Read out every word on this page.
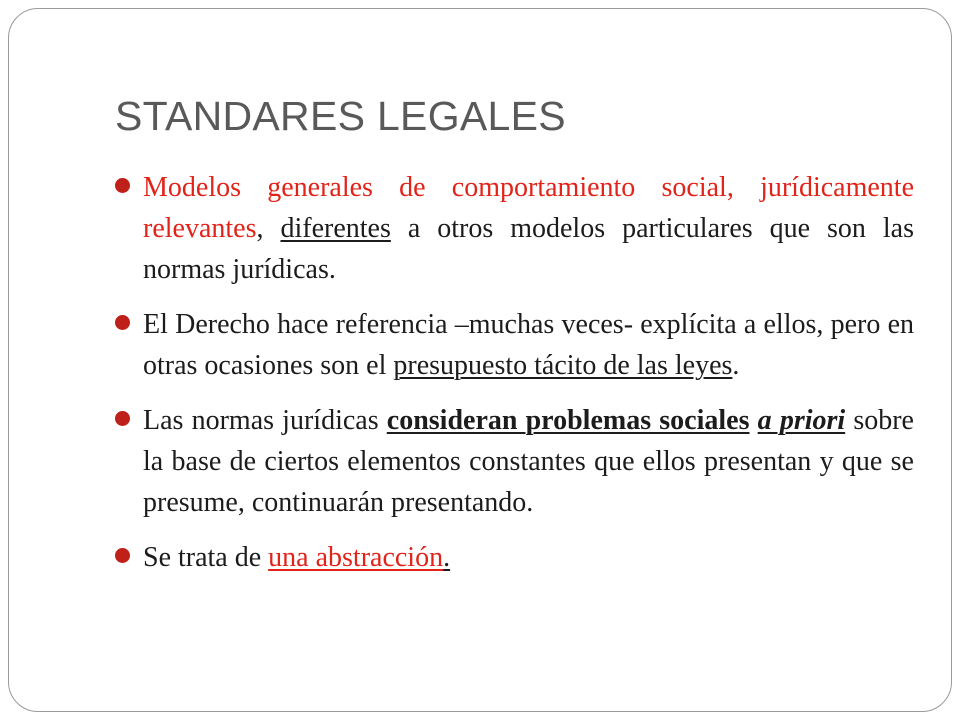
STANDARES LEGALES
Modelos generales de comportamiento social, jurídicamente relevantes, diferentes a otros modelos particulares que son las normas jurídicas.
El Derecho hace referencia –muchas veces- explícita a ellos, pero en otras ocasiones son el presupuesto tácito de las leyes.
Las normas jurídicas consideran problemas sociales a priori sobre la base de ciertos elementos constantes que ellos presentan y que se presume, continuarán presentando.
Se trata de una abstracción.
